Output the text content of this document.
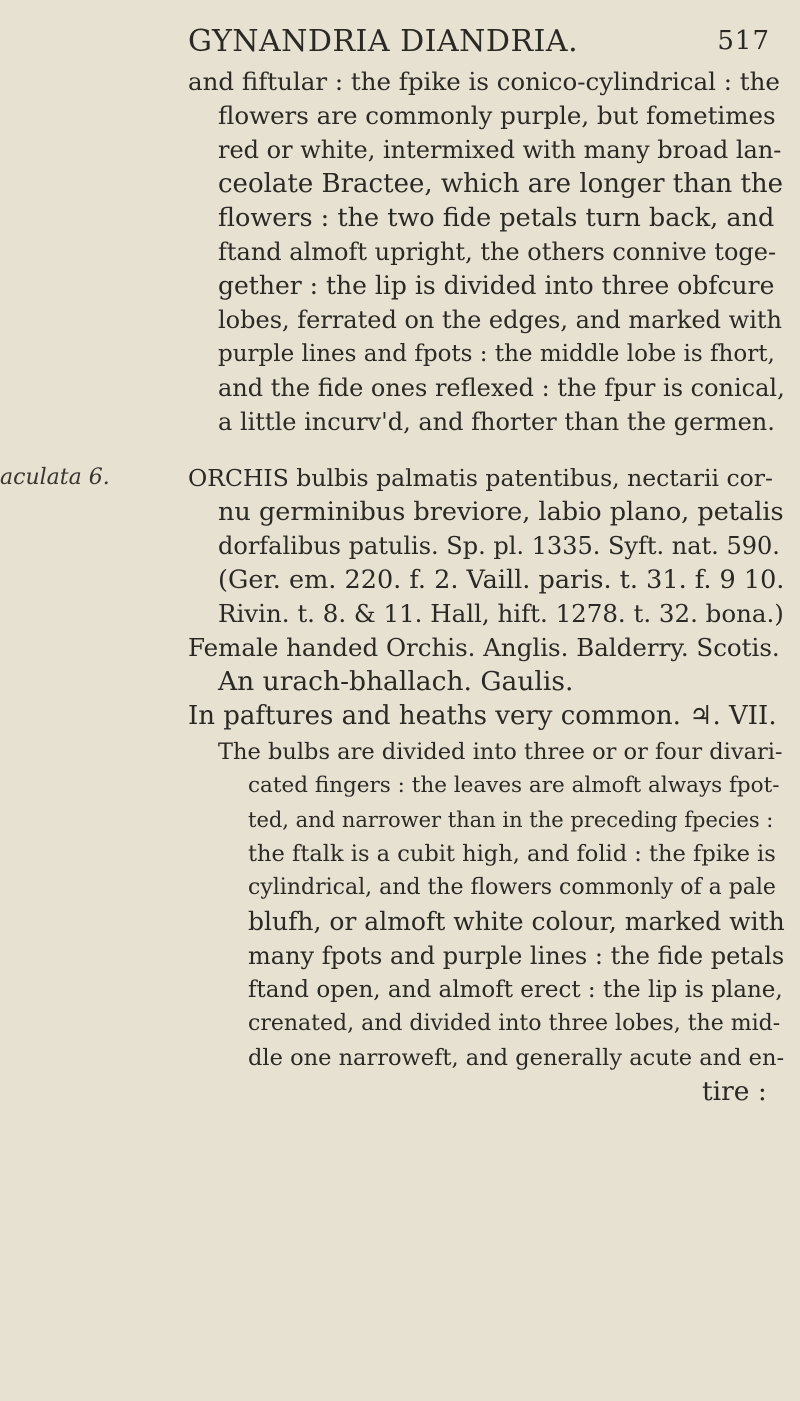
GYNANDRIA DIANDRIA.	517
and fiftular : the fpike is conico-cylindrical : the
flowers are commonly purple, but fometimes
red or white, intermixed with many broad lan-
ceolate Bractee, which are longer than the
flowers : the two fide petals turn back, and
ftand almoft upright, the others connive toge-
gether : the lip is divided into three obfcure
lobes, ferrated on the edges, and marked with
purple lines and fpots : the middle lobe is fhort,
and the fide ones reflexed : the fpur is conical,
a little incurv'd, and fhorter than the germen.
aculata 6.	ORCHIS bulbis palmatis patentibus, nectarii cor-
nu germinibus breviore, labio plano, petalis
dorfalibus patulis. Sp. pl. 1335. Syft. nat. 590.
(Ger. em. 220. f. 2. Vaill. paris. t. 31. f. 9 10.
Rivin. t. 8. & 11. Hall, hift. 1278. t. 32. bona.)
Female handed Orchis. Anglis. Balderry. Scotis.
An urach-bhallach. Gaulis.
In paftures and heaths very common. ♃. VII.
The bulbs are divided into three or or four divari-
cated fingers : the leaves are almoft always fpot-
ted, and narrower than in the preceding fpecies :
the ftalk is a cubit high, and folid : the fpike is
cylindrical, and the flowers commonly of a pale
blufh, or almoft white colour, marked with
many fpots and purple lines : the fide petals
ftand open, and almoft erect : the lip is plane,
crenated, and divided into three lobes, the mid-
dle one narroweft, and generally acute and en-
tire :
